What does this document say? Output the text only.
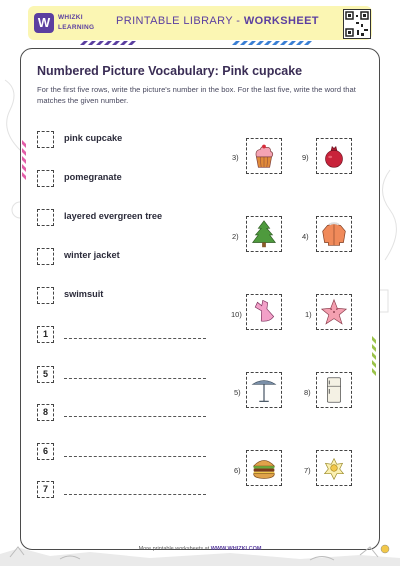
W	WHIZKI
LEARNING
PRINTABLE LIBRARY - WORKSHEET
Numbered Picture Vocabulary: Pink cupcake
For the first five rows, write the picture's number in the box. For the last five, write the word that matches the given number.
pink cupcake
pomegranate
layered evergreen tree
winter jacket
swimsuit
1
5
8
6
7
3)	9)
2)	4)
10)	1)
5)	8)
6)	7)
More printable worksheets at WWW.WHIZKI.COM
